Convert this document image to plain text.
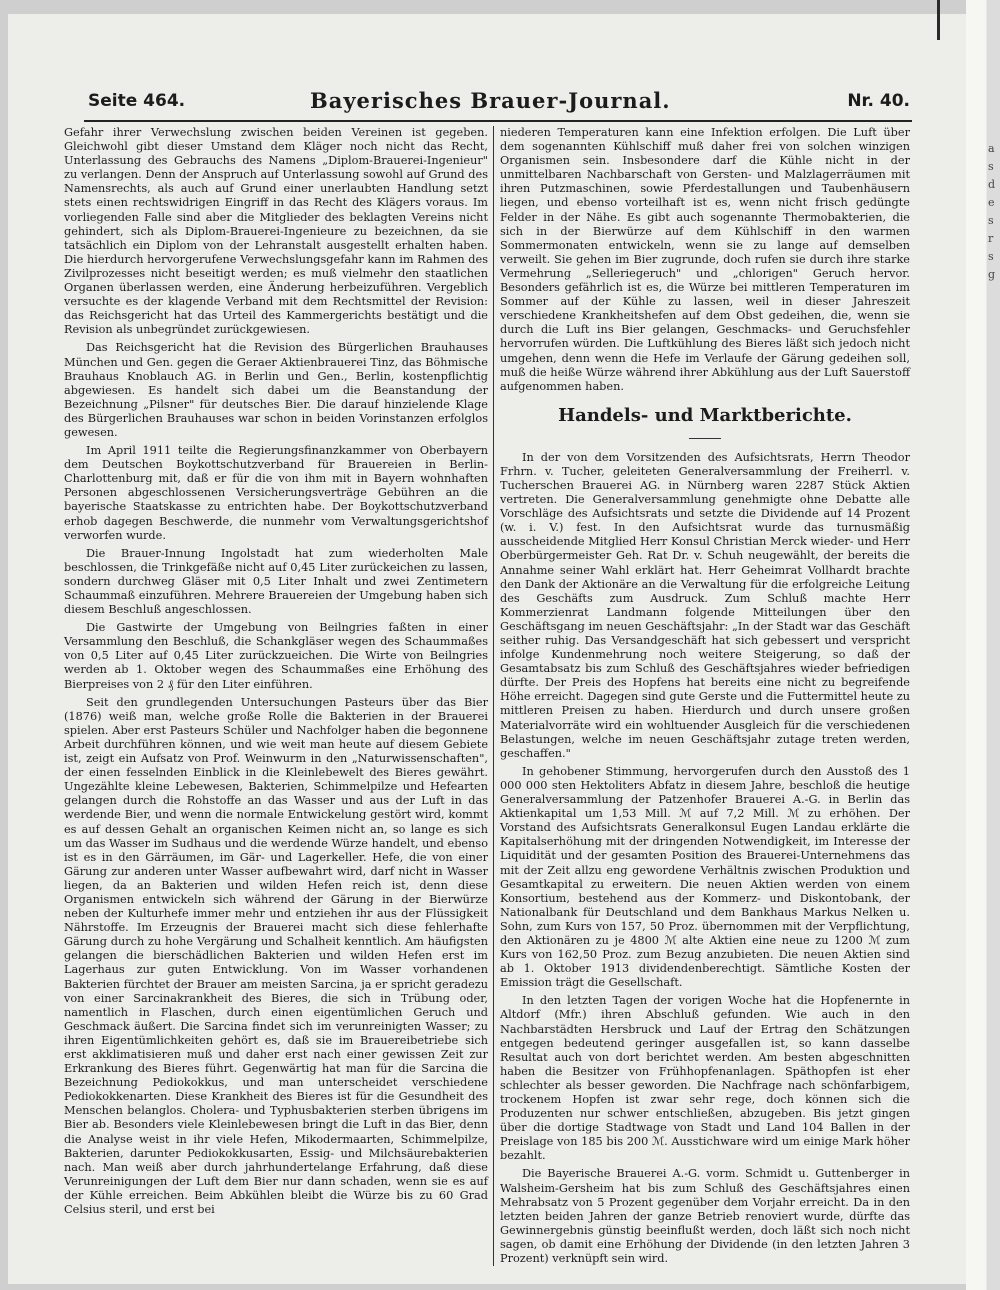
a
s
d
e
s
r
s
g
Seite 464.	Bayerisches Brauer-Journal.	Nr. 40.

Gefahr ihrer Verwechslung zwischen beiden Vereinen ist gegeben. Gleichwohl gibt dieser Umstand dem Kläger noch nicht das Recht, Unterlassung des Gebrauchs des Namens „Diplom-Brauerei-Ingenieur" zu verlangen. Denn der Anspruch auf Unterlassung sowohl auf Grund des Namensrechts, als auch auf Grund einer unerlaubten Handlung setzt stets einen rechtswidrigen Eingriff in das Recht des Klägers voraus. Im vorliegenden Falle sind aber die Mitglieder des beklagten Vereins nicht gehindert, sich als Diplom-Brauerei-Ingenieure zu bezeichnen, da sie tatsächlich ein Diplom von der Lehranstalt ausgestellt erhalten haben. Die hierdurch hervorgerufene Verwechslungsgefahr kann im Rahmen des Zivilprozesses nicht beseitigt werden; es muß vielmehr den staatlichen Organen überlassen werden, eine Änderung herbeizuführen. Vergeblich versuchte es der klagende Verband mit dem Rechtsmittel der Revision: das Reichsgericht hat das Urteil des Kammergerichts bestätigt und die Revision als unbegründet zurückgewiesen.

Das Reichsgericht hat die Revision des Bürgerlichen Brauhauses München und Gen. gegen die Geraer Aktienbrauerei Tinz, das Böhmische Brauhaus Knoblauch AG. in Berlin und Gen., Berlin, kostenpflichtig abgewiesen. Es handelt sich dabei um die Beanstandung der Bezeichnung „Pilsner" für deutsches Bier. Die darauf hinzielende Klage des Bürgerlichen Brauhauses war schon in beiden Vorinstanzen erfolglos gewesen.

Im April 1911 teilte die Regierungsfinanzkammer von Oberbayern dem Deutschen Boykottschutzverband für Brauereien in Berlin-Charlottenburg mit, daß er für die von ihm mit in Bayern wohnhaften Personen abgeschlossenen Versicherungsverträge Gebühren an die bayerische Staatskasse zu entrichten habe. Der Boykottschutzverband erhob dagegen Beschwerde, die nunmehr vom Verwaltungsgerichtshof verworfen wurde.

Die Brauer-Innung Ingolstadt hat zum wiederholten Male beschlossen, die Trinkgefäße nicht auf 0,45 Liter zurückeichen zu lassen, sondern durchweg Gläser mit 0,5 Liter Inhalt und zwei Zentimetern Schaummaß einzuführen. Mehrere Brauereien der Umgebung haben sich diesem Beschluß angeschlossen.

Die Gastwirte der Umgebung von Beilngries faßten in einer Versammlung den Beschluß, die Schankgläser wegen des Schaummaßes von 0,5 Liter auf 0,45 Liter zurückzueichen. Die Wirte von Beilngries werden ab 1. Oktober wegen des Schaummaßes eine Erhöhung des Bierpreises von 2 ₰ für den Liter einführen.

Seit den grundlegenden Untersuchungen Pasteurs über das Bier (1876) weiß man, welche große Rolle die Bakterien in der Brauerei spielen. Aber erst Pasteurs Schüler und Nachfolger haben die begonnene Arbeit durchführen können, und wie weit man heute auf diesem Gebiete ist, zeigt ein Aufsatz von Prof. Weinwurm in den „Naturwissenschaften", der einen fesselnden Einblick in die Kleinlebewelt des Bieres gewährt. Ungezählte kleine Lebewesen, Bakterien, Schimmelpilze und Hefearten gelangen durch die Rohstoffe an das Wasser und aus der Luft in das werdende Bier, und wenn die normale Entwickelung gestört wird, kommt es auf dessen Gehalt an organischen Keimen nicht an, so lange es sich um das Wasser im Sudhaus und die werdende Würze handelt, und ebenso ist es in den Gärräumen, im Gär- und Lagerkeller. Hefe, die von einer Gärung zur anderen unter Wasser aufbewahrt wird, darf nicht in Wasser liegen, da an Bakterien und wilden Hefen reich ist, denn diese Organismen entwickeln sich während der Gärung in der Bierwürze neben der Kulturhefe immer mehr und entziehen ihr aus der Flüssigkeit Nährstoffe. Im Erzeugnis der Brauerei macht sich diese fehlerhafte Gärung durch zu hohe Vergärung und Schalheit kenntlich. Am häufigsten gelangen die bierschädlichen Bakterien und wilden Hefen erst im Lagerhaus zur guten Entwicklung. Von im Wasser vorhandenen Bakterien fürchtet der Brauer am meisten Sarcina, ja er spricht geradezu von einer Sarcinakrankheit des Bieres, die sich in Trübung oder, namentlich in Flaschen, durch einen eigentümlichen Geruch und Geschmack äußert. Die Sarcina findet sich im verunreinigten Wasser; zu ihren Eigentümlichkeiten gehört es, daß sie im Brauereibetriebe sich erst akklimatisieren muß und daher erst nach einer gewissen Zeit zur Erkrankung des Bieres führt. Gegenwärtig hat man für die Sarcina die Bezeichnung Pediokokkus, und man unterscheidet verschiedene Pediokokkenarten. Diese Krankheit des Bieres ist für die Gesundheit des Menschen belanglos. Cholera- und Typhusbakterien sterben übrigens im Bier ab. Besonders viele Kleinlebewesen bringt die Luft in das Bier, denn die Analyse weist in ihr viele Hefen, Mikodermaarten, Schimmelpilze, Bakterien, darunter Pediokokkusarten, Essig- und Milchsäurebakterien nach. Man weiß aber durch jahrhundertelange Erfahrung, daß diese Verunreinigungen der Luft dem Bier nur dann schaden, wenn sie es auf der Kühle erreichen. Beim Abkühlen bleibt die Würze bis zu 60 Grad Celsius steril, und erst bei

niederen Temperaturen kann eine Infektion erfolgen. Die Luft über dem sogenannten Kühlschiff muß daher frei von solchen winzigen Organismen sein. Insbesondere darf die Kühle nicht in der unmittelbaren Nachbarschaft von Gersten- und Malzlagerräumen mit ihren Putzmaschinen, sowie Pferdestallungen und Taubenhäusern liegen, und ebenso vorteilhaft ist es, wenn nicht frisch gedüngte Felder in der Nähe. Es gibt auch sogenannte Thermobakterien, die sich in der Bierwürze auf dem Kühlschiff in den warmen Sommermonaten entwickeln, wenn sie zu lange auf demselben verweilt. Sie gehen im Bier zugrunde, doch rufen sie durch ihre starke Vermehrung „Selleriegeruch" und „chlorigen" Geruch hervor. Besonders gefährlich ist es, die Würze bei mittleren Temperaturen im Sommer auf der Kühle zu lassen, weil in dieser Jahreszeit verschiedene Krankheitshefen auf dem Obst gedeihen, die, wenn sie durch die Luft ins Bier gelangen, Geschmacks- und Geruchsfehler hervorrufen würden. Die Luftkühlung des Bieres läßt sich jedoch nicht umgehen, denn wenn die Hefe im Verlaufe der Gärung gedeihen soll, muß die heiße Würze während ihrer Abkühlung aus der Luft Sauerstoff aufgenommen haben.

Handels- und Marktberichte.

In der von dem Vorsitzenden des Aufsichtsrats, Herrn Theodor Frhrn. v. Tucher, geleiteten Generalversammlung der Freiherrl. v. Tucherschen Brauerei AG. in Nürnberg waren 2287 Stück Aktien vertreten. Die Generalversammlung genehmigte ohne Debatte alle Vorschläge des Aufsichtsrats und setzte die Dividende auf 14 Prozent (w. i. V.) fest. In den Aufsichtsrat wurde das turnusmäßig ausscheidende Mitglied Herr Konsul Christian Merck wieder- und Herr Oberbürgermeister Geh. Rat Dr. v. Schuh neugewählt, der bereits die Annahme seiner Wahl erklärt hat. Herr Geheimrat Vollhardt brachte den Dank der Aktionäre an die Verwaltung für die erfolgreiche Leitung des Geschäfts zum Ausdruck. Zum Schluß machte Herr Kommerzienrat Landmann folgende Mitteilungen über den Geschäftsgang im neuen Geschäftsjahr: „In der Stadt war das Geschäft seither ruhig. Das Versandgeschäft hat sich gebessert und verspricht infolge Kundenmehrung noch weitere Steigerung, so daß der Gesamtabsatz bis zum Schluß des Geschäftsjahres wieder befriedigen dürfte. Der Preis des Hopfens hat bereits eine nicht zu begreifende Höhe erreicht. Dagegen sind gute Gerste und die Futtermittel heute zu mittleren Preisen zu haben. Hierdurch und durch unsere großen Materialvorräte wird ein wohltuender Ausgleich für die verschiedenen Belastungen, welche im neuen Geschäftsjahr zutage treten werden, geschaffen."

In gehobener Stimmung, hervorgerufen durch den Ausstoß des 1 000 000 sten Hektoliters Abfatz in diesem Jahre, beschloß die heutige Generalversammlung der Patzenhofer Brauerei A.-G. in Berlin das Aktienkapital um 1,53 Mill. ℳ auf 7,2 Mill. ℳ zu erhöhen. Der Vorstand des Aufsichtsrats Generalkonsul Eugen Landau erklärte die Kapitalserhöhung mit der dringenden Notwendigkeit, im Interesse der Liquidität und der gesamten Position des Brauerei-Unternehmens das mit der Zeit allzu eng gewordene Verhältnis zwischen Produktion und Gesamtkapital zu erweitern. Die neuen Aktien werden von einem Konsortium, bestehend aus der Kommerz- und Diskontobank, der Nationalbank für Deutschland und dem Bankhaus Markus Nelken u. Sohn, zum Kurs von 157, 50 Proz. übernommen mit der Verpflichtung, den Aktionären zu je 4800 ℳ alte Aktien eine neue zu 1200 ℳ zum Kurs von 162,50 Proz. zum Bezug anzubieten. Die neuen Aktien sind ab 1. Oktober 1913 dividendenberechtigt. Sämtliche Kosten der Emission trägt die Gesellschaft.

In den letzten Tagen der vorigen Woche hat die Hopfenernte in Altdorf (Mfr.) ihren Abschluß gefunden. Wie auch in den Nachbarstädten Hersbruck und Lauf der Ertrag den Schätzungen entgegen bedeutend geringer ausgefallen ist, so kann dasselbe Resultat auch von dort berichtet werden. Am besten abgeschnitten haben die Besitzer von Frühhopfenanlagen. Späthopfen ist eher schlechter als besser geworden. Die Nachfrage nach schönfarbigem, trockenem Hopfen ist zwar sehr rege, doch können sich die Produzenten nur schwer entschließen, abzugeben. Bis jetzt gingen über die dortige Stadtwage von Stadt und Land 104 Ballen in der Preislage von 185 bis 200 ℳ. Ausstichware wird um einige Mark höher bezahlt.

Die Bayerische Brauerei A.-G. vorm. Schmidt u. Guttenberger in Walsheim-Gersheim hat bis zum Schluß des Geschäftsjahres einen Mehrabsatz von 5 Prozent gegenüber dem Vorjahr erreicht. Da in den letzten beiden Jahren der ganze Betrieb renoviert wurde, dürfte das Gewinnergebnis günstig beeinflußt werden, doch läßt sich noch nicht sagen, ob damit eine Erhöhung der Dividende (in den letzten Jahren 3 Prozent) verknüpft sein wird.
